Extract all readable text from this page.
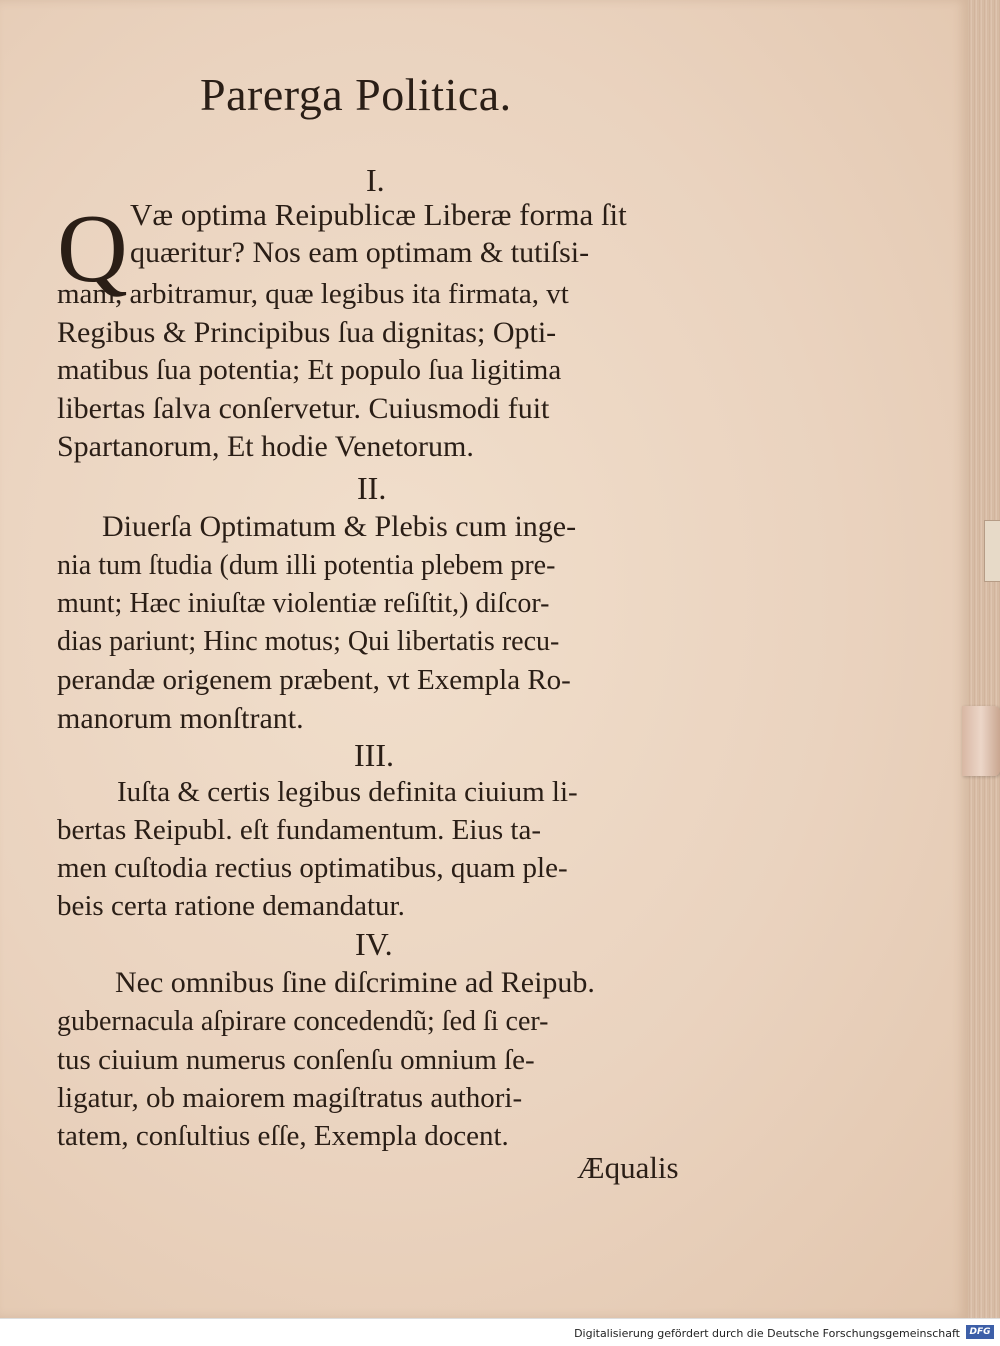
Parerga Politica.
I.
Q Væ optima Reipublicæ Liberæ forma ſit
quæritur? Nos eam optimam & tutiſsi-
mam, arbitramur, quæ legibus ita firmata, vt
Regibus & Principibus ſua dignitas; Opti-
matibus ſua potentia; Et populo ſua ligitima
libertas ſalva conſervetur. Cuiusmodi fuit
Spartanorum, Et hodie Venetorum.
II.
Diuerſa Optimatum & Plebis cum inge-
nia tum ſtudia (dum illi potentia plebem pre-
munt; Hæc iniuſtæ violentiæ reſiſtit,) diſcor-
dias pariunt; Hinc motus; Qui libertatis recu-
perandæ origenem præbent, vt Exempla Ro-
manorum monſtrant.
III.
Iuſta & certis legibus definita ciuium li-
bertas Reipubl. eſt fundamentum. Eius ta-
men cuſtodia rectius optimatibus, quam ple-
beis certa ratione demandatur.
IV.
Nec omnibus ſine diſcrimine ad Reipub.
gubernacula aſpirare concedendũ; ſed ſi cer-
tus ciuium numerus conſenſu omnium ſe-
ligatur, ob maiorem magiſtratus authori-
tatem, conſultius eſſe, Exempla docent.
Æqualis
Digitalisierung gefördert durch die Deutsche Forschungsgemeinschaft	DFG
